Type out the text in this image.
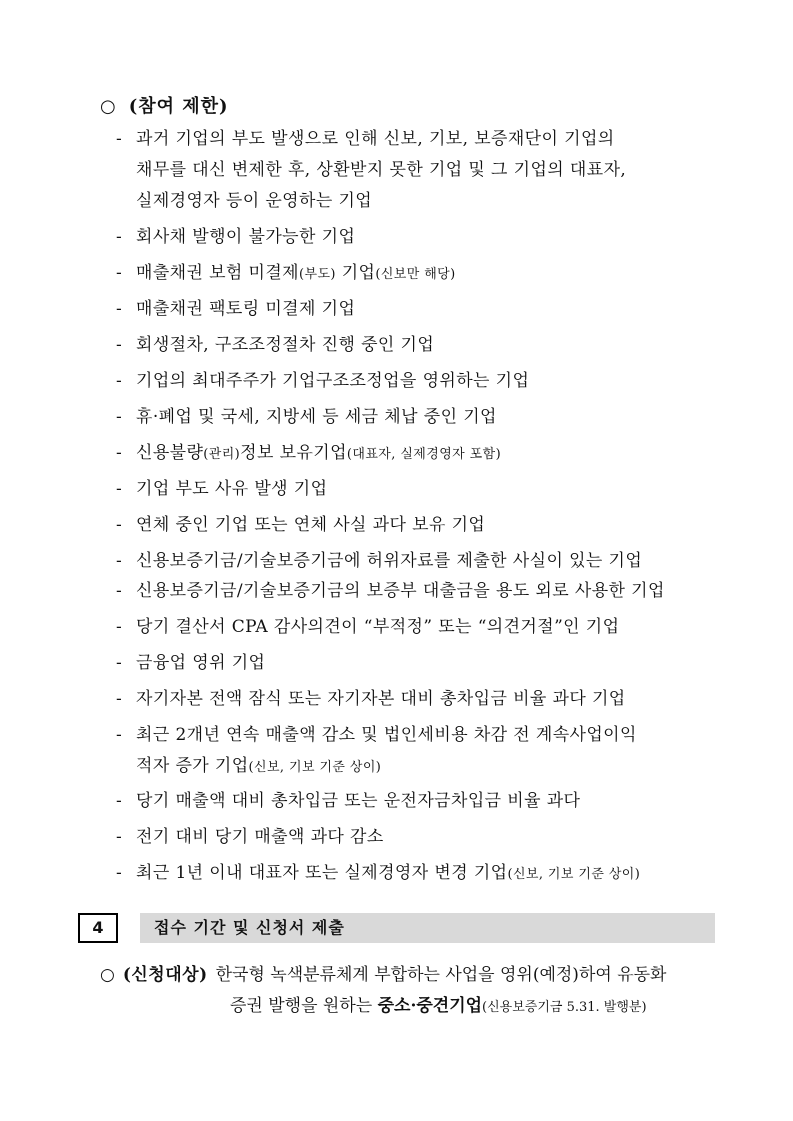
○ (참여 제한)
- 과거 기업의 부도 발생으로 인해 신보, 기보, 보증재단이 기업의
채무를 대신 변제한 후, 상환받지 못한 기업 및 그 기업의 대표자,
실제경영자 등이 운영하는 기업
- 회사채 발행이 불가능한 기업
- 매출채권 보험 미결제(부도) 기업(신보만 해당)
- 매출채권 팩토링 미결제 기업
- 회생절차, 구조조정절차 진행 중인 기업
- 기업의 최대주주가 기업구조조정업을 영위하는 기업
- 휴·폐업 및 국세, 지방세 등 세금 체납 중인 기업
- 신용불량(관리)정보 보유기업(대표자, 실제경영자 포함)
- 기업 부도 사유 발생 기업
- 연체 중인 기업 또는 연체 사실 과다 보유 기업
- 신용보증기금/기술보증기금에 허위자료를 제출한 사실이 있는 기업
- 신용보증기금/기술보증기금의 보증부 대출금을 용도 외로 사용한 기업
- 당기 결산서 CPA 감사의견이 “부적정” 또는 “의견거절”인 기업
- 금융업 영위 기업
- 자기자본 전액 잠식 또는 자기자본 대비 총차입금 비율 과다 기업
- 최근 2개년 연속 매출액 감소 및 법인세비용 차감 전 계속사업이익
적자 증가 기업(신보, 기보 기준 상이)
- 당기 매출액 대비 총차입금 또는 운전자금차입금 비율 과다
- 전기 대비 당기 매출액 과다 감소
- 최근 1년 이내 대표자 또는 실제경영자 변경 기업(신보, 기보 기준 상이)
4	접수 기간 및 신청서 제출
○ (신청대상) 한국형 녹색분류체계 부합하는 사업을 영위(예정)하여 유동화
증권 발행을 원하는 중소·중견기업(신용보증기금 5.31. 발행분)
